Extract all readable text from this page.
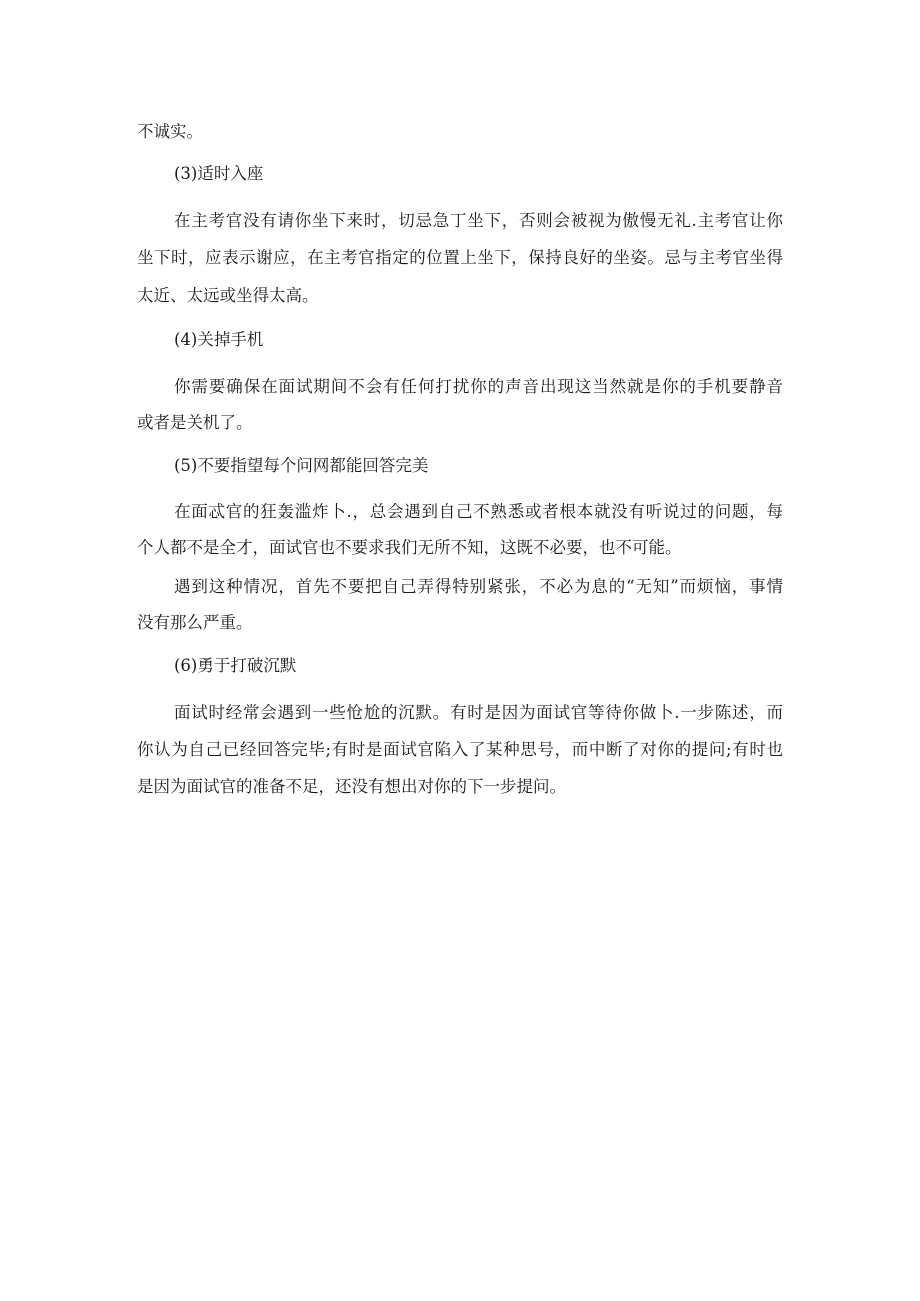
不诚实。
(3)适时入座
在主考官没有请你坐下来时，切忌急丁坐下，否则会被视为傲慢无礼.主考官让你
坐下时，应表示谢应，在主考官指定的位置上坐下，保持良好的坐姿。忌与主考官坐得
太近、太远或坐得太高。
(4)关掉手机
你需要确保在面试期间不会有任何打扰你的声音出现这当然就是你的手机要静音
或者是关机了。
(5)不要指望每个问网都能回答完美
在面忒官的狂轰滥炸卜.，总会遇到自己不熟悉或者根本就没有听说过的问题，每
个人都不是全才，面试官也不要求我们无所不知，这既不必要，也不可能。
遇到这种情况，首先不要把自己弄得特别紧张，不必为息的“无知”而烦恼，事情
没有那么严重。
(6)勇于打破沉默
面试时经常会遇到一些怆尬的沉默。有时是因为面试官等待你做卜.一步陈述，而
你认为自己已经回答完毕;有时是面试官陷入了某种思号，而中断了对你的提问;有时也
是因为面试官的准备不足，还没有想出对你的下一步提问。
